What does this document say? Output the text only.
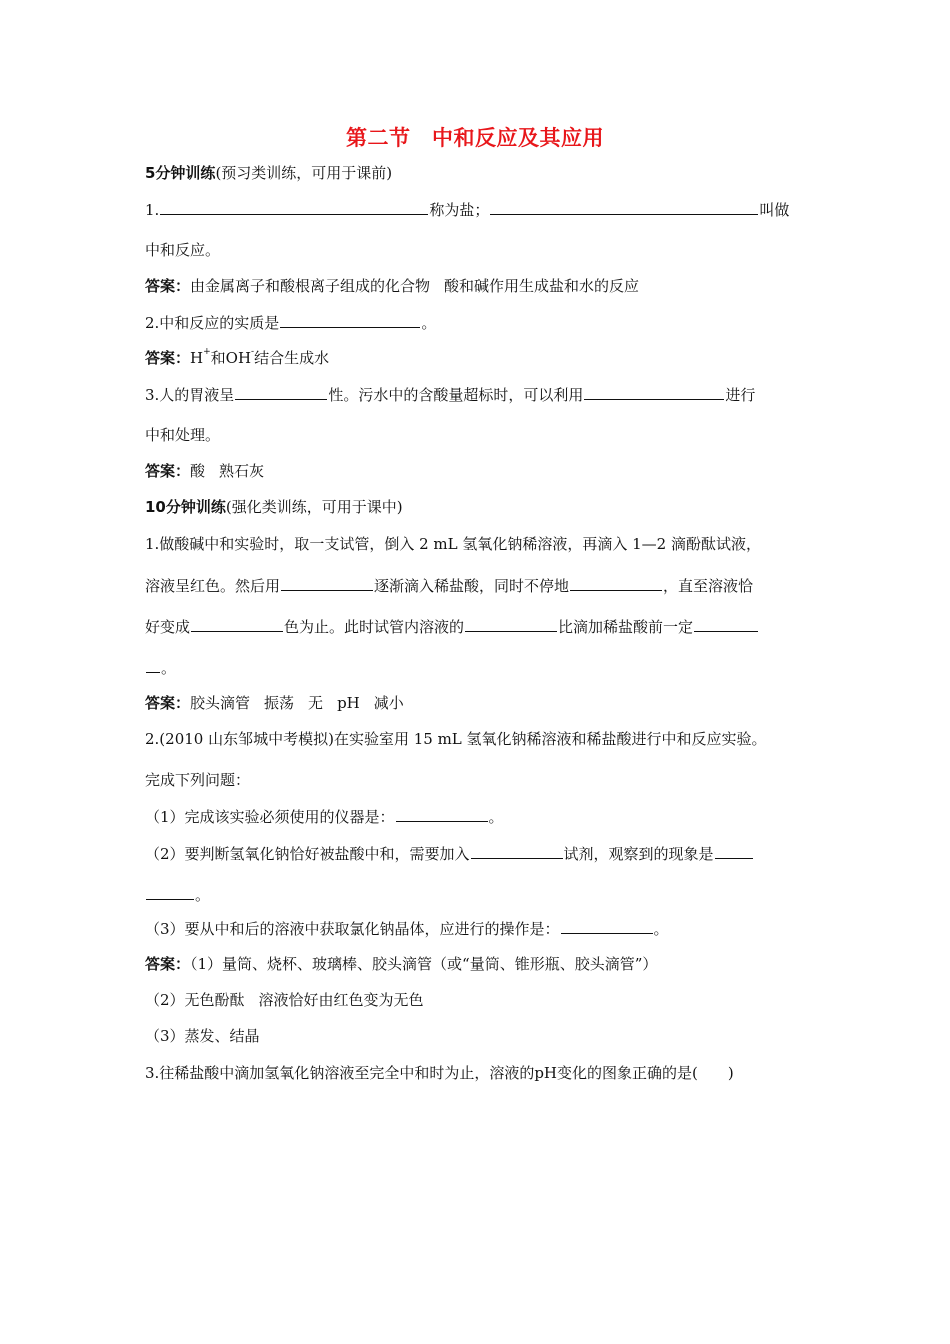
第二节　中和反应及其应用
5分钟训练(预习类训练，可用于课前)
1.	称为盐；	叫做
中和反应。
答案：由金属离子和酸根离子组成的化合物 酸和碱作用生成盐和水的反应
2.中和反应的实质是	。
答案：H+和OH-结合生成水
3.人的胃液呈	性。污水中的含酸量超标时，可以利用	进行
中和处理。
答案：酸 熟石灰
10分钟训练(强化类训练，可用于课中)
1.做酸碱中和实验时，取一支试管，倒入 2 mL 氢氧化钠稀溶液，再滴入 1—2 滴酚酞试液，
溶液呈红色。然后用	逐渐滴入稀盐酸，同时不停地	，直至溶液恰
好变成	色为止。此时试管内溶液的	比滴加稀盐酸前一定
。
答案：胶头滴管 振荡 无 pH 减小
2.(2010 山东邹城中考模拟)在实验室用 15 mL 氢氧化钠稀溶液和稀盐酸进行中和反应实验。
完成下列问题：
（1）完成该实验必须使用的仪器是：	。
（2）要判断氢氧化钠恰好被盐酸中和，需要加入	试剂，观察到的现象是
。
（3）要从中和后的溶液中获取氯化钠晶体，应进行的操作是：	。
答案：（1）量筒、烧杯、玻璃棒、胶头滴管（或“量筒、锥形瓶、胶头滴管”）
（2）无色酚酞 溶液恰好由红色变为无色
（3）蒸发、结晶
3.往稀盐酸中滴加氢氧化钠溶液至完全中和时为止，溶液的pH变化的图象正确的是(　　)
